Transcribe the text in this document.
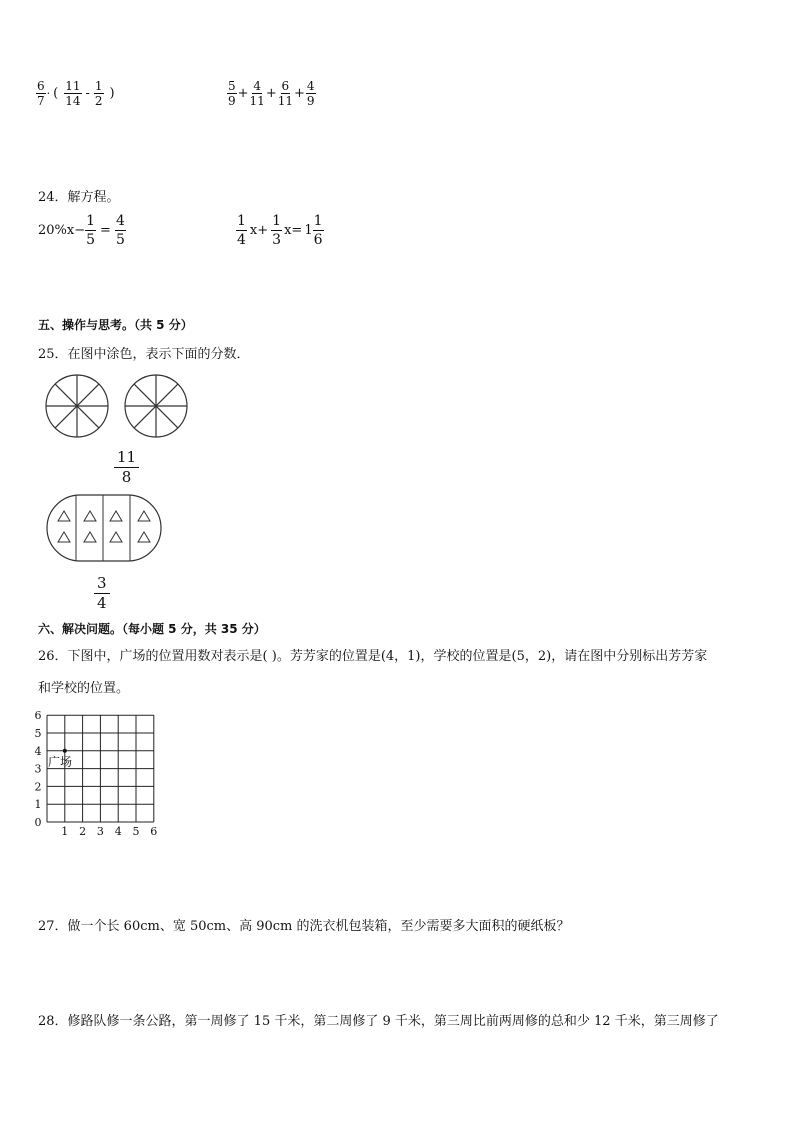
$\frac{6}{7}$ · ( $\frac{11}{14} - \frac{1}{2}$ )	$\frac{5}{9} + \frac{4}{11} + \frac{6}{11} + \frac{4}{9}$
24．解方程。
$20\%x- \frac{1}{5} = \frac{4}{5}$	$\frac{1}{4} x+ \frac{1}{3} x= 1 \frac{1}{6}$
五、操作与思考。（共 5 分）
25．在图中涂色，表示下面的分数．
$\frac{11}{8}$
$\frac{3}{4}$
六、解决问题。（每小题 5 分，共 35 分）
26．下图中，广场的位置用数对表示是( )。芳芳家的位置是(4，1)，学校的位置是(5，2)，请在图中分别标出芳芳家
和学校的位置。
0
1
2
3
4
5
6
1 2 3 4 5 6
广场
27．做一个长 60cm、宽 50cm、高 90cm 的洗衣机包装箱，至少需要多大面积的硬纸板？
28．修路队修一条公路，第一周修了 15 千米，第二周修了 9 千米，第三周比前两周修的总和少 12 千米，第三周修了
